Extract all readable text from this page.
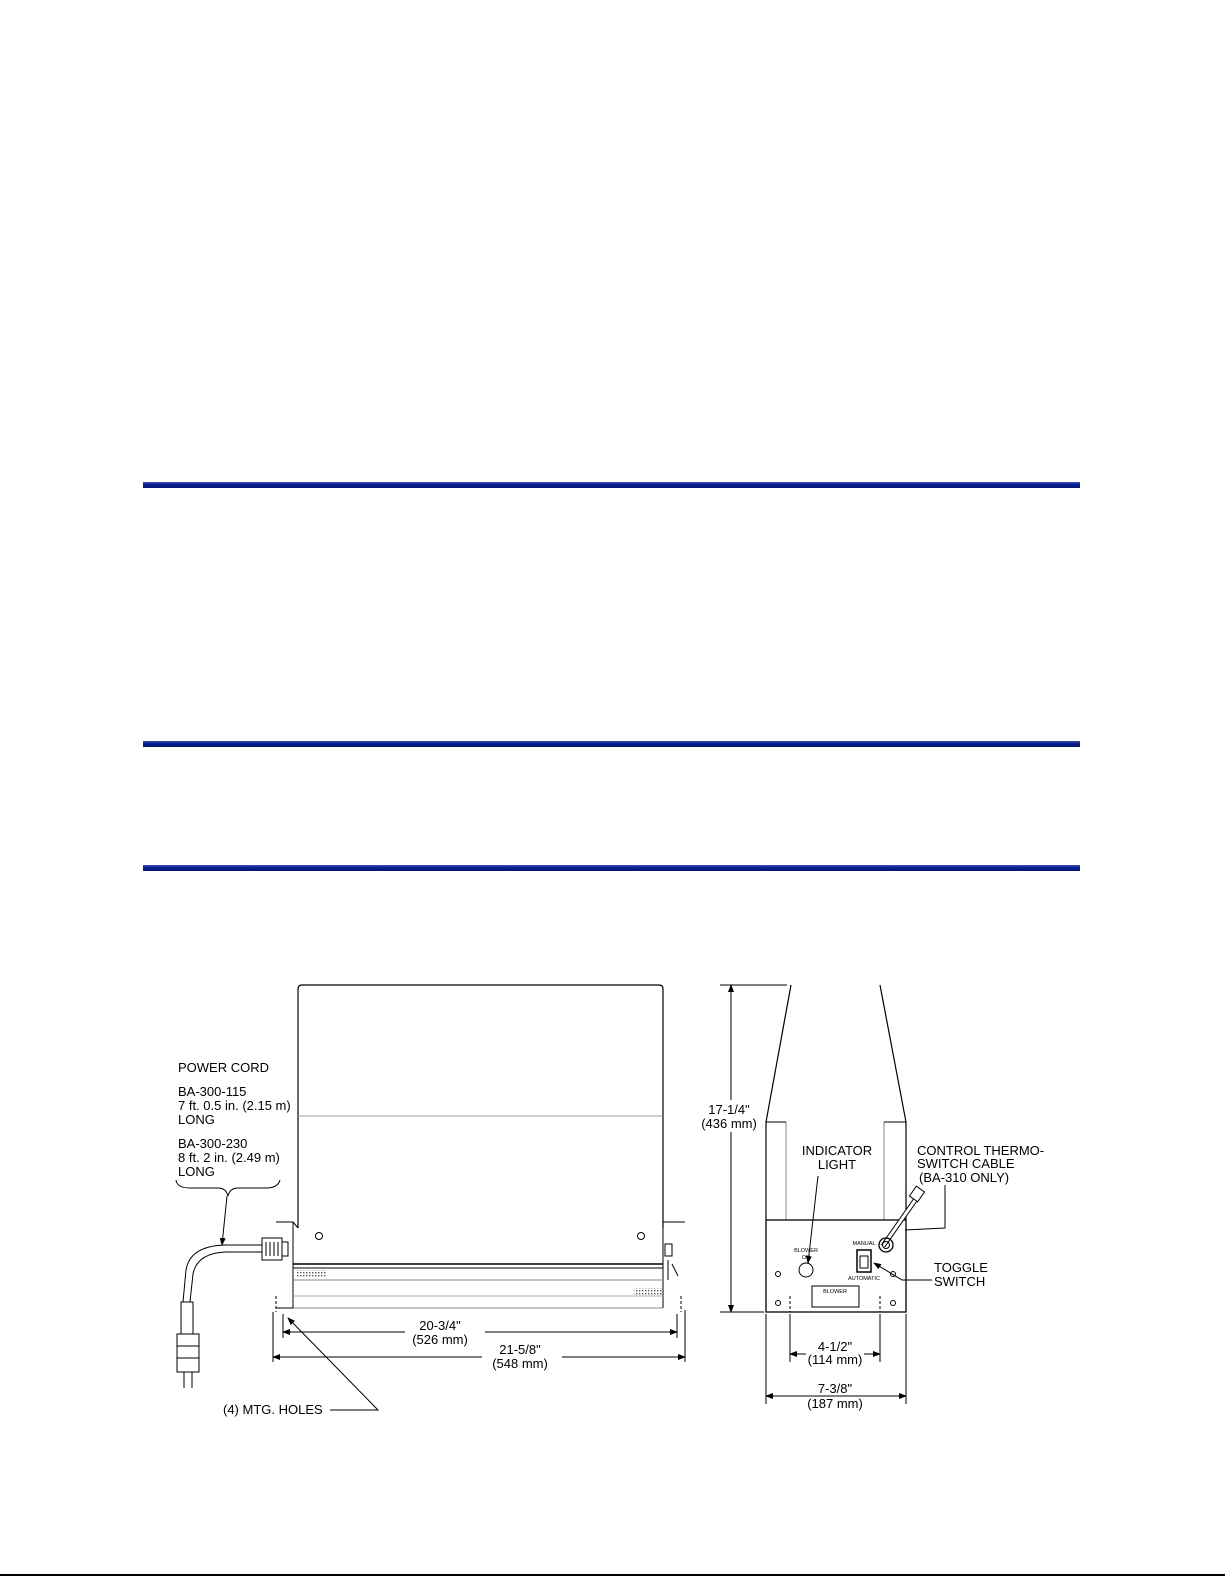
POWER CORD
BA-300-115
7 ft. 0.5 in. (2.15 m)
LONG
BA-300-230
8 ft. 2 in. (2.49 m)
LONG
(4) MTG. HOLES
20-3/4"
(526 mm)
21-5/8"
(548 mm)
17-1/4"
(436 mm)
INDICATOR
LIGHT
CONTROL THERMO-
SWITCH CABLE
(BA-310 ONLY)
TOGGLE
SWITCH
4-1/2"
(114 mm)
7-3/8"
(187 mm)
BLOWER
ON
MANUAL
AUTOMATIC
BLOWER
